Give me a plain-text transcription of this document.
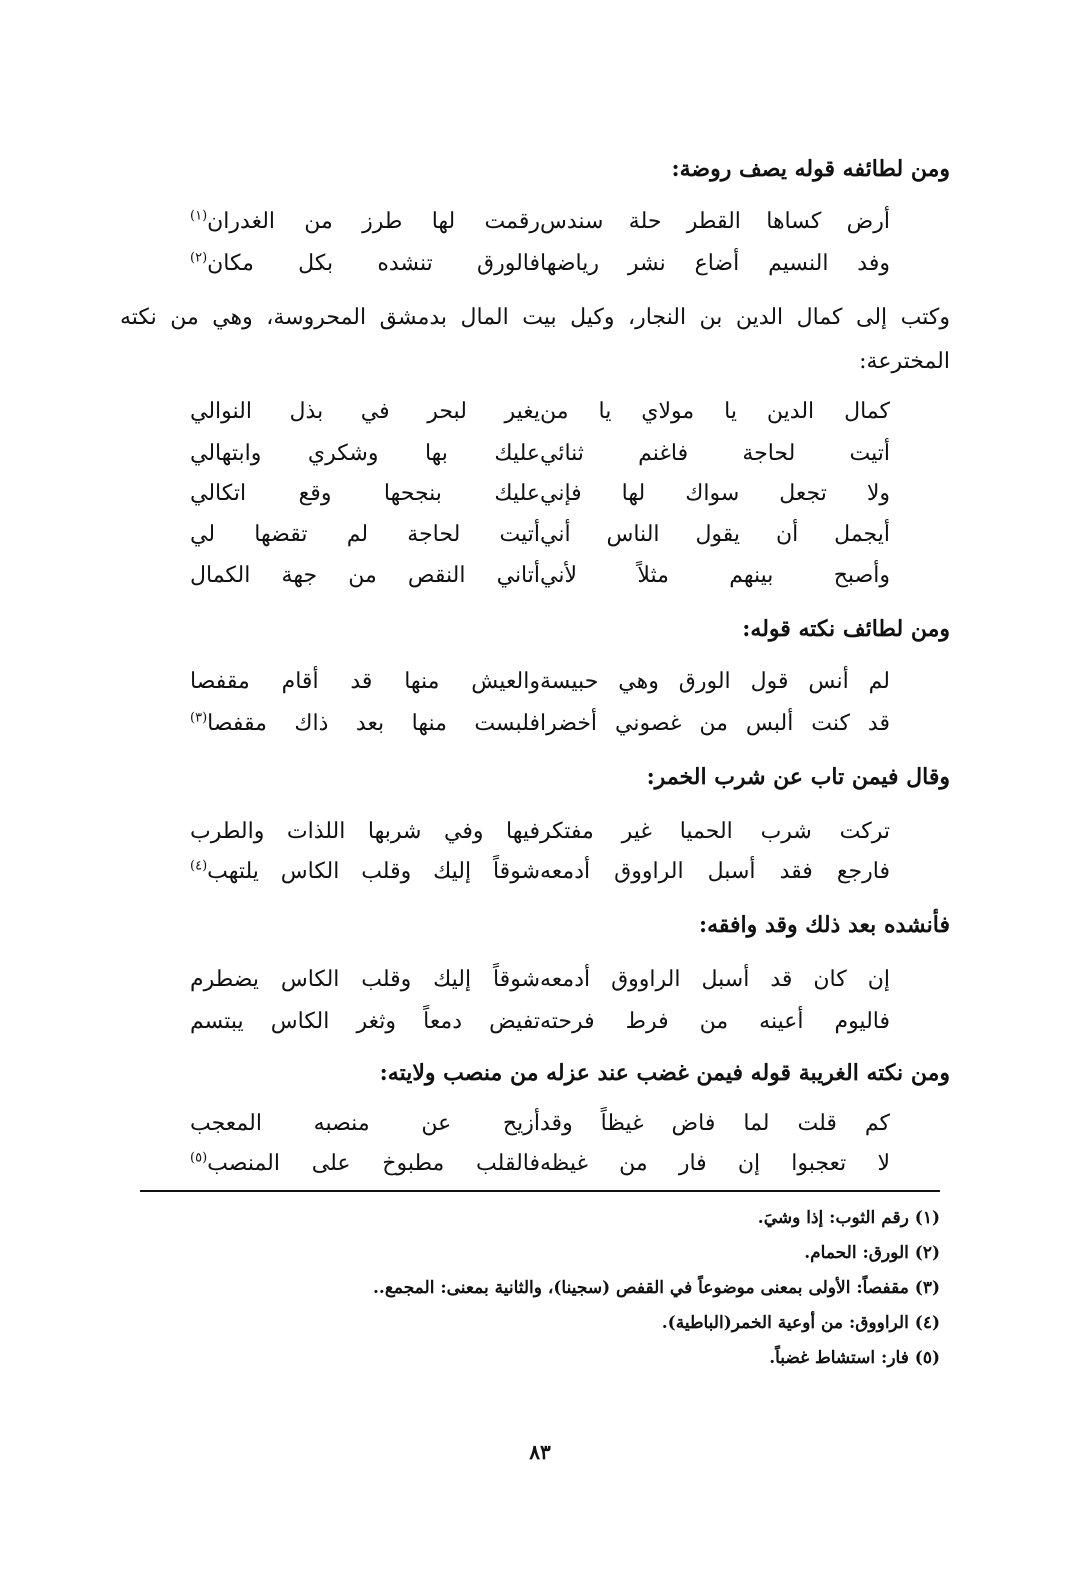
ومن لطائفه قوله يصف روضة:
أرض كساها القطر حلة سندس
رقمت لها طرز من الغدران$^{(١)}$
وفد النسيم أضاع نشر رياضها
فالورق تنشده بكل مكان$^{(٢)}$
وكتب إلى كمال الدين بن النجار، وكيل بيت المال بدمشق المحروسة، وهي من نكته المخترعة:
كمال الدين يا مولاي يا من
يغير لبحر في بذل النوالي
أتيت لحاجة فاغنم ثنائي
عليك بها وشكري وابتهالي
ولا تجعل سواك لها فإني
عليك بنجحها وقع اتكالي
أيجمل أن يقول الناس أني
أتيت لحاجة لم تقضها لي
وأصبح بينهم مثلاً لأني
أتاني النقص من جهة الكمال
ومن لطائف نكته قوله:
لم أنس قول الورق وهي حبيسة
والعيش منها قد أقام مقفصا
قد كنت ألبس من غصوني أخضرا
فلبست منها بعد ذاك مقفصا$^{(٣)}$
وقال فيمن تاب عن شرب الخمر:
تركت شرب الحميا غير مفتكر
فيها وفي شربها اللذات والطرب
فارجع فقد أسبل الراووق أدمعه
شوقاً إليك وقلب الكاس يلتهب$^{(٤)}$
فأنشده بعد ذلك وقد وافقه:
إن كان قد أسبل الراووق أدمعه
شوقاً إليك وقلب الكاس يضطرم
فاليوم أعينه من فرط فرحته
تفيض دمعاً وثغر الكاس يبتسم
ومن نكته الغريبة قوله فيمن غضب عند عزله من منصب ولايته:
كم قلت لما فاض غيظاً وقد
أزيح عن منصبه المعجب
لا تعجبوا إن فار من غيظه
فالقلب مطبوخ على المنصب$^{(٥)}$
(١) رقم الثوب: إذا وشيَ.
(٢) الورق: الحمام.
(٣) مقفصاً: الأولى بمعنى موضوعاً في القفص (سجينا)، والثانية بمعنى: المجمع..
(٤) الراووق: من أوعية الخمر(الباطية).
(٥) فار: استشاط غضباً.
٨٣
